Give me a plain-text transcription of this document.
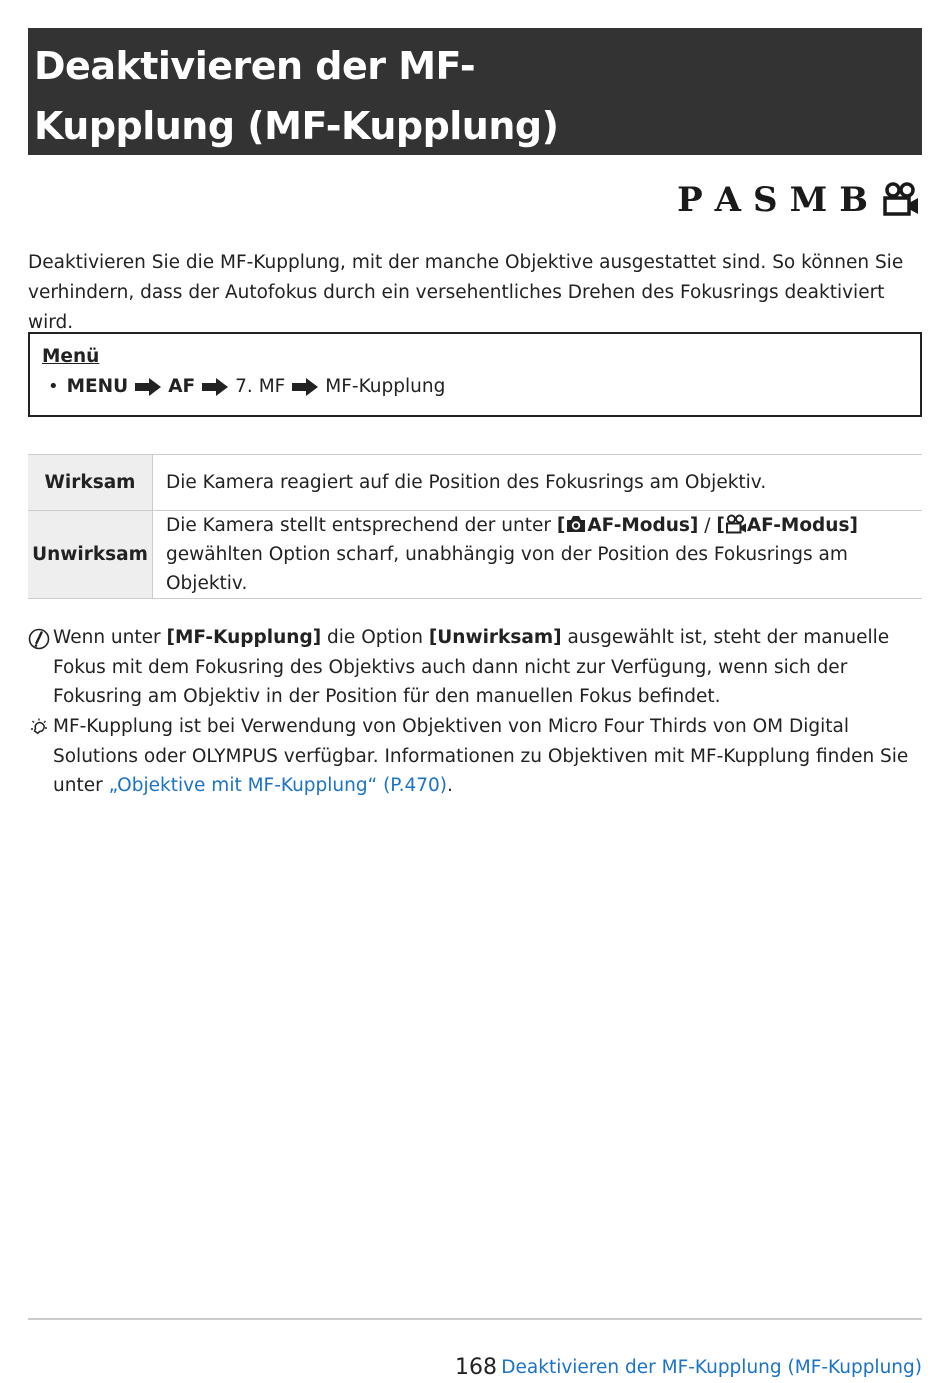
Deaktivieren der MF-
Kupplung (MF-Kupplung)
P A S M B

Deaktivieren Sie die MF-Kupplung, mit der manche Objektive ausgestattet sind. So können Sie verhindern, dass der Autofokus durch ein versehentliches Drehen des Fokusrings deaktiviert wird.

Menü
• MENU AF 7. MF MF-Kupplung
Wirksam	Die Kamera reagiert auf die Position des Fokusrings am Objektiv.
Unwirksam	Die Kamera stellt entsprechend der unter [ AF-Modus] / [ AF-Modus] gewählten Option scharf, unabhängig von der Position des Fokusrings am Objektiv.
Wenn unter [MF-Kupplung] die Option [Unwirksam] ausgewählt ist, steht der manuelle Fokus mit dem Fokusring des Objektivs auch dann nicht zur Verfügung, wenn sich der Fokusring am Objektiv in der Position für den manuellen Fokus befindet.
MF-Kupplung ist bei Verwendung von Objektiven von Micro Four Thirds von OM Digital Solutions oder OLYMPUS verfügbar. Informationen zu Objektiven mit MF-Kupplung finden Sie unter „Objektive mit MF-Kupplung“ (P.470).
168 Deaktivieren der MF-Kupplung (MF-Kupplung)
